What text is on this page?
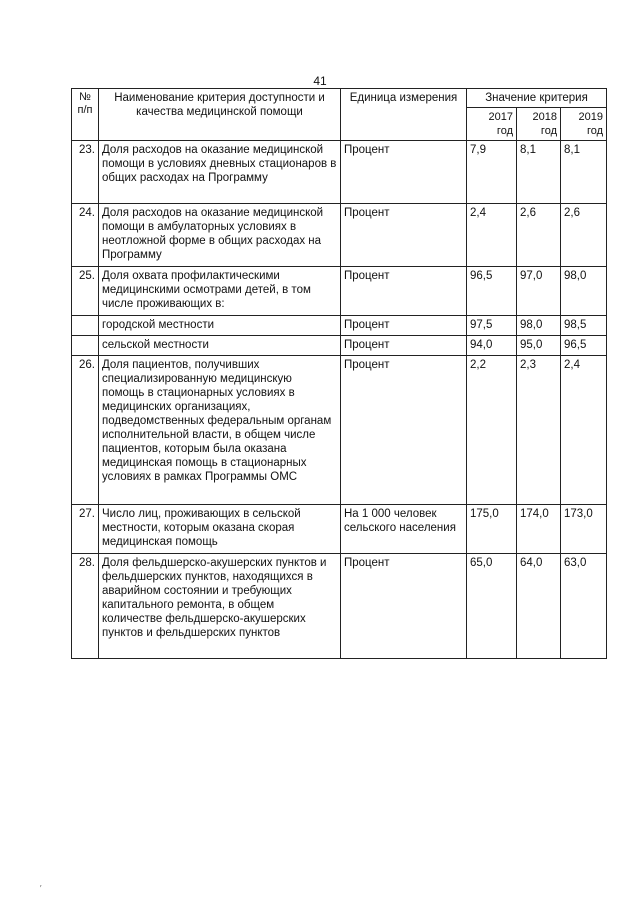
41
№ п/п	Наименование критерия доступности и качества медицинской помощи	Единица измерения	Значение критерия		
			2017 год	2018 год	2019 год
23.	Доля расходов на оказание медицинской помощи в условиях дневных стационаров в общих расходах на Программу	Процент	7,9	8,1	8,1
24.	Доля расходов на оказание медицинской помощи в амбулаторных условиях в неотложной форме в общих расходах на Программу	Процент	2,4	2,6	2,6
25.	Доля охвата профилактическими медицинскими осмотрами детей, в том числе проживающих в:	Процент	96,5	97,0	98,0
	городской местности	Процент	97,5	98,0	98,5
	сельской местности	Процент	94,0	95,0	96,5
26.	Доля пациентов, получивших специализированную медицинскую помощь в стационарных условиях в медицинских организациях, подведомственных федеральным органам исполнительной власти, в общем числе пациентов, которым была оказана медицинская помощь в стационарных условиях в рамках Программы ОМС	Процент	2,2	2,3	2,4
27.	Число лиц, проживающих в сельской местности, которым оказана скорая медицинская помощь	На 1 000 человек сельского населения	175,0	174,0	173,0
28.	Доля фельдшерско-акушерских пунктов и фельдшерских пунктов, находящихся в аварийном состоянии и требующих капитального ремонта, в общем количестве фельдшерско-акушерских пунктов и фельдшерских пунктов	Процент	65,0	64,0	63,0
′
